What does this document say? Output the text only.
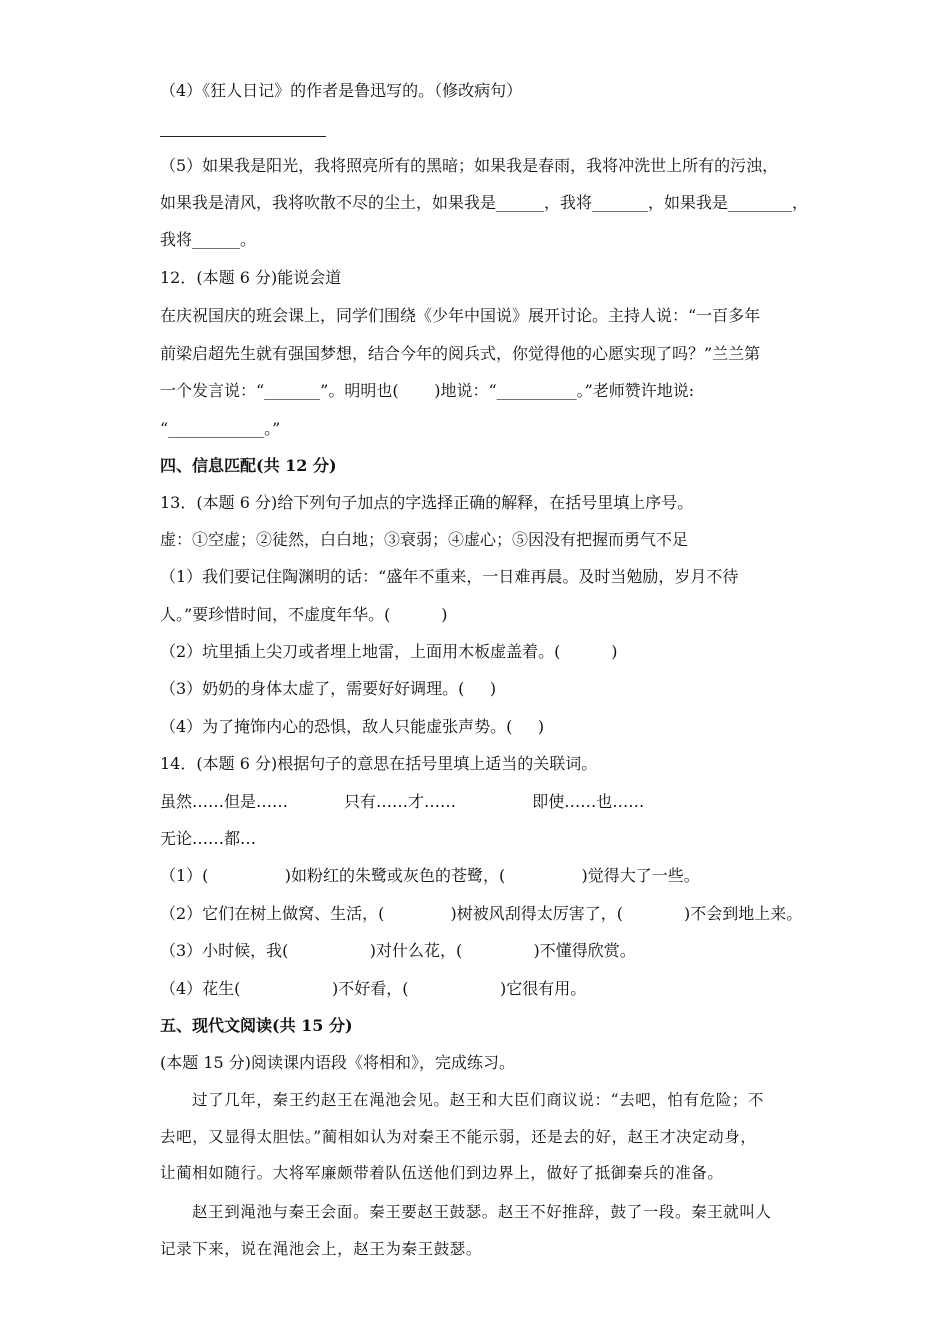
（4）《狂人日记》的作者是鲁迅写的。（修改病句）
（5）如果我是阳光，我将照亮所有的黑暗；如果我是春雨，我将冲洗世上所有的污浊，
如果我是清风，我将吹散不尽的尘土，如果我是______，我将_______，如果我是________，
我将______。
12．(本题 6 分)能说会道
在庆祝国庆的班会课上，同学们围绕《少年中国说》展开讨论。主持人说：“一百多年
前梁启超先生就有强国梦想，结合今年的阅兵式，你觉得他的心愿实现了吗？”兰兰第
一个发言说：“_______”。明明也(       )地说：“__________。”老师赞许地说:
“____________。”
四、信息匹配(共 12 分)
13．(本题 6 分)给下列句子加点的字选择正确的解释，在括号里填上序号。
虚：①空虚；②徒然，白白地；③衰弱；④虚心；⑤因没有把握而勇气不足
（1）我们要记住陶渊明的话：“盛年不重来，一日难再晨。及时当勉励，岁月不待
人。”要珍惜时间，不虚度年华。(          )
（2）坑里插上尖刀或者埋上地雷，上面用木板虚盖着。(          )
（3）奶奶的身体太虚了，需要好好调理。(     )
（4）为了掩饰内心的恐惧，敌人只能虚张声势。(     )
14．(本题 6 分)根据句子的意思在括号里填上适当的关联词。
虽然……但是……           只有……才……               即使……也……
无论……都…
（1）(               )如粉红的朱鹭或灰色的苍鹭，(               )觉得大了一些。
（2）它们在树上做窝、生活，(             )树被风刮得太厉害了，(            )不会到地上来。
（3）小时候，我(                )对什么花，(              )不懂得欣赏。
（4）花生(                  )不好看，(                  )它很有用。
五、现代文阅读(共 15 分)
(本题 15 分)阅读课内语段《将相和》，完成练习。
过了几年，秦王约赵王在渑池会见。赵王和大臣们商议说：“去吧，怕有危险；不
去吧，又显得太胆怯。”蔺相如认为对秦王不能示弱，还是去的好，赵王才决定动身，
让蔺相如随行。大将军廉颇带着队伍送他们到边界上，做好了抵御秦兵的准备。
赵王到渑池与秦王会面。秦王要赵王鼓瑟。赵王不好推辞，鼓了一段。秦王就叫人
记录下来，说在渑池会上，赵王为秦王鼓瑟。
